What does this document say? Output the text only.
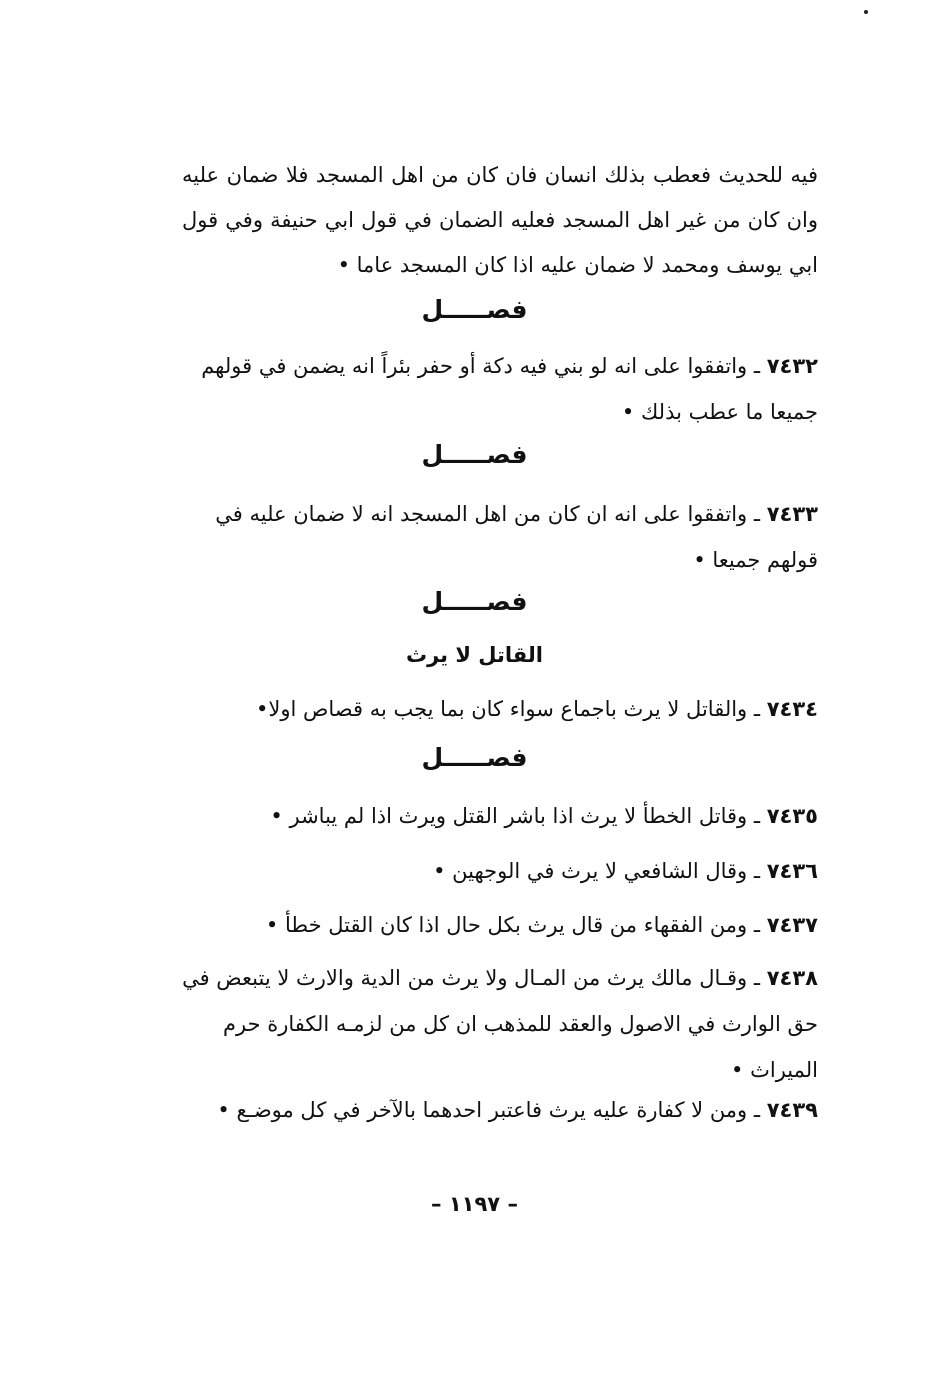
فيه للحديث فعطب بذلك انسان فان كان من اهل المسجد فلا ضمان عليه وان كان من غير اهل المسجد فعليه الضمان في قول ابي حنيفة وفي قول ابي يوسف ومحمد لا ضمان عليه اذا كان المسجد عاما •
فصـــــل
٧٤٣٢ ـ واتفقوا على انه لو بني فيه دكة أو حفر بئراً انه يضمن في قولهم جميعا ما عطب بذلك •
فصـــــل
٧٤٣٣ ـ واتفقوا على انه ان كان من اهل المسجد انه لا ضمان عليه في قولهم جميعا •
فصـــــل
القاتل لا يرث
٧٤٣٤ ـ والقاتل لا يرث باجماع سواء كان بما يجب به قصاص اولا•
فصـــــل
٧٤٣٥ ـ وقاتل الخطأ لا يرث اذا باشر القتل ويرث اذا لم يباشر •
٧٤٣٦ ـ وقال الشافعي لا يرث في الوجهين •
٧٤٣٧ ـ ومن الفقهاء من قال يرث بكل حال اذا كان القتل خطأ •
٧٤٣٨ ـ وقـال مالك يرث من المـال ولا يرث من الدية والارث لا يتبعض في حق الوارث في الاصول والعقد للمذهب ان كل من لزمـه الكفارة حرم الميراث •
٧٤٣٩ ـ ومن لا كفارة عليه يرث فاعتبر احدهما بالآخر في كل موضـع •
– ١١٩٧ –
